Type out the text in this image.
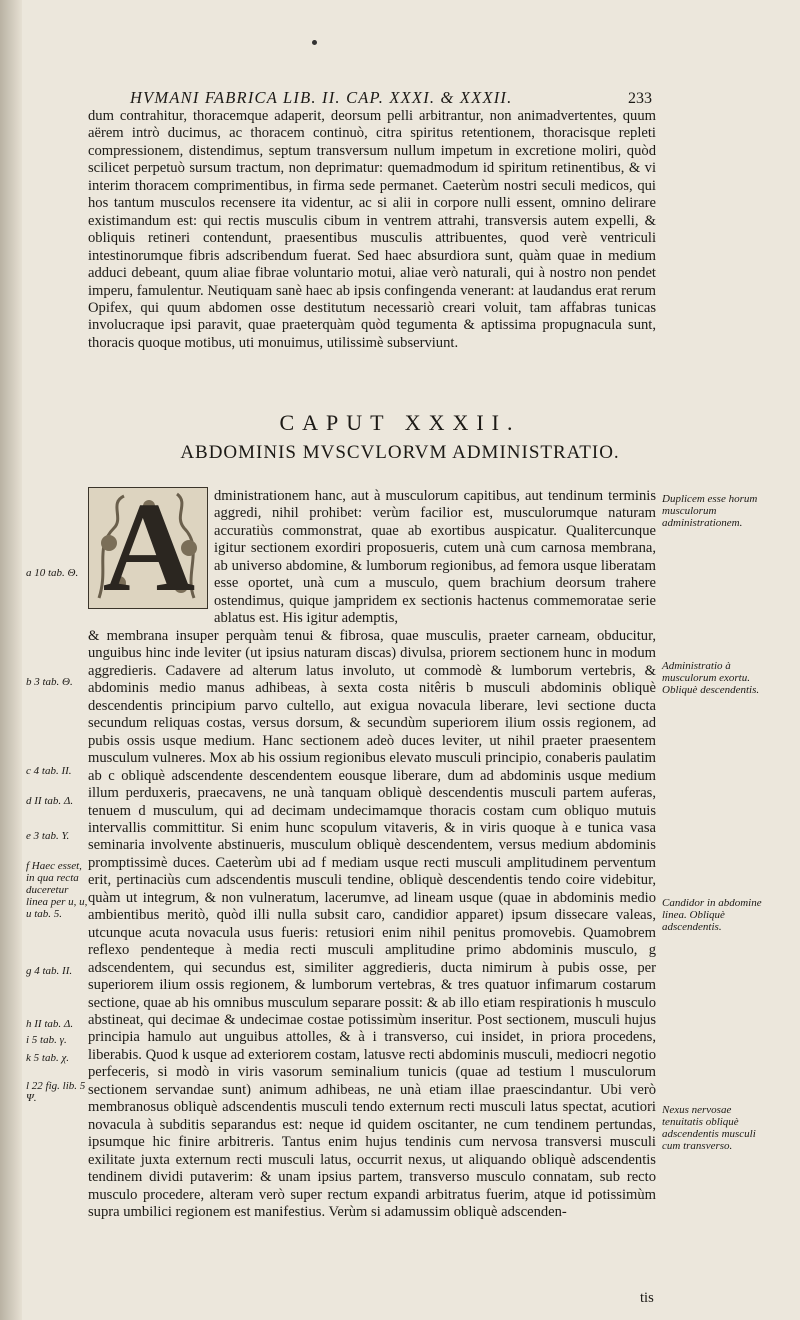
HVMANI FABRICA LIB. II. CAP. XXXI. & XXXII.	233

dum contrahitur, thoracemque adaperit, deorsum pelli arbitrantur, non animadvertentes, quum aërem intrò ducimus, ac thoracem continuò, citra spiritus retentionem, thoracisque repleti compressionem, distendimus, septum transversum nullum impetum in excretione moliri, quòd scilicet perpetuò sursum tractum, non deprimatur: quemadmodum id spiritum retinentibus, & vi interim thoracem comprimentibus, in firma sede permanet. Caeterùm nostri seculi medicos, qui hos tantum musculos recensere ita videntur, ac si alii in corpore nulli essent, omnino delirare existimandum est: qui rectis musculis cibum in ventrem attrahi, transversis autem expelli, & obliquis retineri contendunt, praesentibus musculis attribuentes, quod verè ventriculi intestinorumque fibris adscribendum fuerat. Sed haec absurdiora sunt, quàm quae in medium adduci debeant, quum aliae fibrae voluntario motui, aliae verò naturali, qui à nostro non pendet imperu, famulentur. Neutiquam sanè haec ab ipsis confingenda venerant: at laudandus erat rerum Opifex, qui quum abdomen osse destitutum necessariò creari voluit, tam affabras tunicas involucraque ipsi paravit, quae praeterquàm quòd tegumenta & aptissima propugnacula sunt, thoracis quoque motibus, uti monuimus, utilissimè subserviunt.

CAPUT XXXII.
ABDOMINIS MVSCVLORVM ADMINISTRATIO.
A	dministrationem hanc, aut à musculorum capitibus, aut tendinum terminis aggredi, nihil prohibet: verùm facilior est, musculorumque naturam accuratiùs commonstrat, quae ab exortibus auspicatur. Qualitercunque igitur sectionem exordiri proposueris, cutem unà cum carnosa membrana, ab universo abdomine, & lumborum regionibus, ad femora usque liberatam esse oportet, unà cum a musculo, quem brachium deorsum trahere ostendimus, quique jampridem ex sectionis hactenus commemoratae serie ablatus est. His igitur ademptis,

& membrana insuper perquàm tenui & fibrosa, quae musculis, praeter carneam, obducitur, unguibus hinc inde leviter (ut ipsius naturam discas) divulsa, priorem sectionem hunc in modum aggredieris. Cadavere ad alterum latus involuto, ut commodè & lumborum vertebris, & abdominis medio manus adhibeas, à sexta costa nitêris b musculi abdominis obliquè descendentis principium parvo cultello, aut exigua novacula liberare, levi sectione ducta secundum reliquas costas, versus dorsum, & secundùm superiorem ilium ossis regionem, ad pubis ossis usque medium. Hanc sectionem adeò duces leviter, ut nihil praeter praesentem musculum vulneres. Mox ab his ossium regionibus elevato musculi principio, conaberis paulatim ab c obliquè adscendente descendentem eousque liberare, dum ad abdominis usque medium illum perduxeris, praecavens, ne unà tanquam obliquè descendentis musculi partem auferas, tenuem d musculum, qui ad decimam undecimamque thoracis costam cum obliquo mutuis intervallis committitur. Si enim hunc scopulum vitaveris, & in viris quoque à e tunica vasa seminaria involvente abstinueris, musculum obliquè descendentem, versus medium abdominis promptissimè duces. Caeterùm ubi ad f mediam usque recti musculi amplitudinem perventum erit, pertinaciùs cum adscendentis musculi tendine, obliquè descendentis tendo coire videbitur, quàm ut integrum, & non vulneratum, lacerumve, ad lineam usque (quae in abdominis medio ambientibus meritò, quòd illi nulla subsit caro, candidior apparet) ipsum dissecare valeas, utcunque acuta novacula usus fueris: retusiori enim nihil penitus promovebis. Quamobrem reflexo pendenteque à media recti musculi amplitudine primo abdominis musculo, g adscendentem, qui secundus est, similiter aggredieris, ducta nimirum à pubis osse, per superiorem ilium ossis regionem, & lumborum vertebras, & tres quatuor infimarum costarum sectione, quae ab his omnibus musculum separare possit: & ab illo etiam respirationis h musculo abstineat, qui decimae & undecimae costae potissimùm inseritur. Post sectionem, musculi hujus principia hamulo aut unguibus attolles, & à i transverso, cui insidet, in priora procedens, liberabis. Quod k usque ad exteriorem costam, latusve recti abdominis musculi, mediocri negotio perfeceris, si modò in viris vasorum seminalium tunicis (quae ad testium l musculorum sectionem servandae sunt) animum adhibeas, ne unà etiam illae praescindantur. Ubi verò membranosus obliquè adscendentis musculi tendo externum recti musculi latus spectat, acutiori novacula à subditis separandus est: neque id quidem oscitanter, ne cum tendinem pertundas, ipsumque hic finire arbitreris. Tantus enim hujus tendinis cum nervosa transversi musculi exilitate juxta externum recti musculi latus, occurrit nexus, ut aliquando obliquè adscendentis tendinem dividi putaverim: & unam ipsius partem, transverso musculo connatam, sub recto musculo procedere, alteram verò super rectum expandi arbitratus fuerim, atque id potissimùm supra umbilici regionem est manifestius. Verùm si adamussim obliquè adscenden-

a 10 tab. Θ.
b 3 tab. Θ.
c 4 tab. II.
d II tab. Δ.
e 3 tab. Υ.
f Haec esset, in qua recta duceretur linea per u, u, u tab. 5.
g 4 tab. II.
h II tab. Δ.
i 5 tab. γ.
k 5 tab. χ.
l 22 fig. lib. 5 Ψ.
Duplicem esse horum musculorum administrationem.
Administratio à musculorum exortu. Obliquè descendentis.
Candidor in abdomine linea. Obliquè adscendentis.
Nexus nervosae tenuitatis obliquè adscendentis musculi cum transverso.
tis
